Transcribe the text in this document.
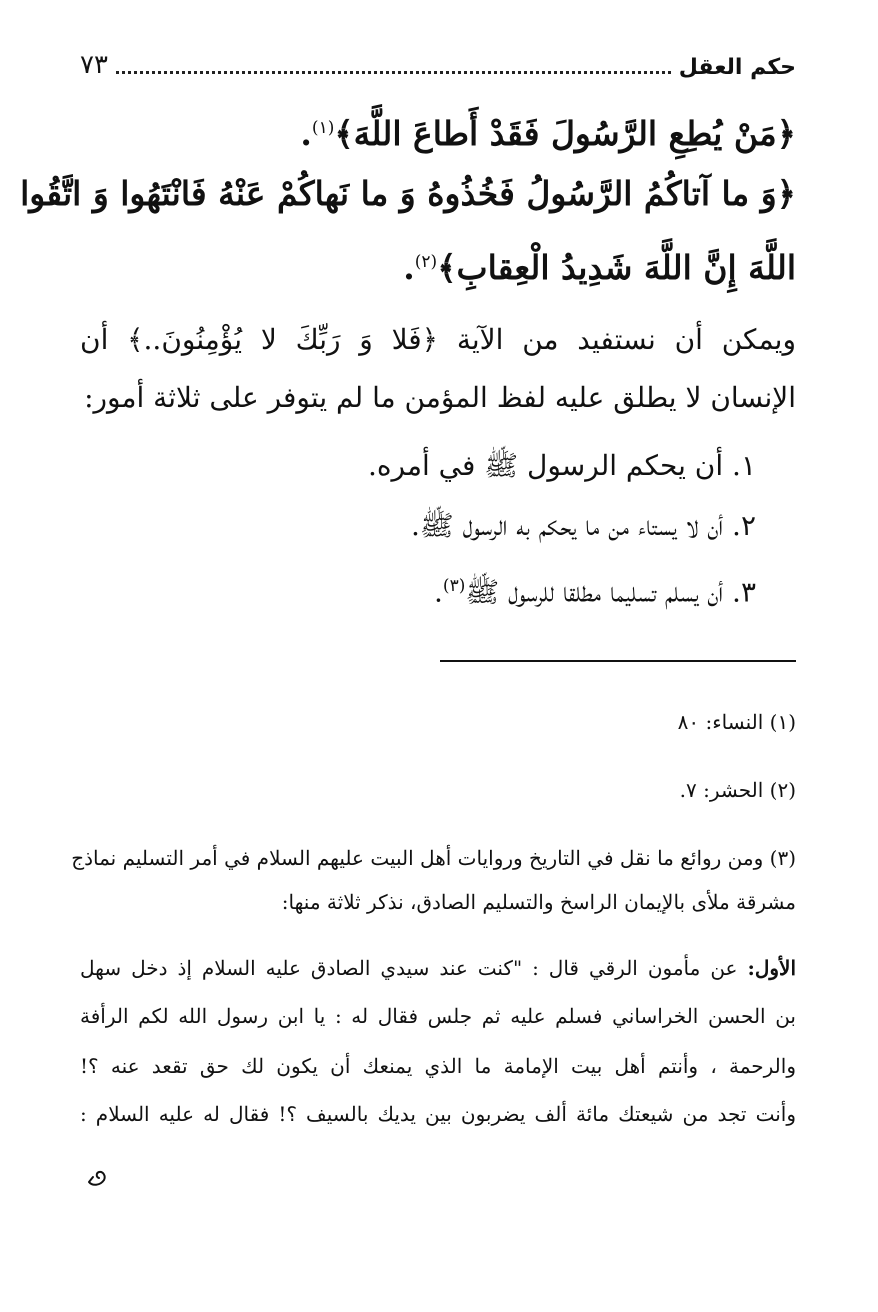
حكم العقل
٧٣
﴿مَنْ يُطِعِ الرَّسُولَ فَقَدْ أَطاعَ اللَّهَ﴾$^{(١)}$.
﴿وَ ما آتاكُمُ الرَّسُولُ فَخُذُوهُ وَ ما نَهاكُمْ عَنْهُ فَانْتَهُوا وَ اتَّقُوا
اللَّهَ إِنَّ اللَّهَ شَدِيدُ الْعِقابِ﴾$^{(٢)}$.
ويمكن أن نستفيد من الآية ﴿فَلا وَ رَبِّكَ لا يُؤْمِنُونَ..﴾ أن
الإنسان لا يطلق عليه لفظ المؤمن ما لم يتوفر على ثلاثة أمور:
١. أن يحكم الرسول ﷺ في أمره.
٢. أن لا يستاء من ما يحكم به الرسول ﷺ.
٣. أن يسلم تسليما مطلقا للرسول ﷺ$^{(٣)}$.
(١) النساء: ٨٠
(٢) الحشر: ٧.
(٣) ومن روائع ما نقل في التاريخ وروايات أهل البيت عليهم السلام في أمر التسليم نماذج
مشرقة ملأى بالإيمان الراسخ والتسليم الصادق، نذكر ثلاثة منها:
الأول: عن مأمون الرقي قال : "كنت عند سيدي الصادق عليه السلام إذ دخل سهل
بن الحسن الخراساني فسلم عليه ثم جلس فقال له : يا ابن رسول الله لكم الرأفة
والرحمة ، وأنتم أهل بيت الإمامة ما الذي يمنعك أن يكون لك حق تقعد عنه ؟!
وأنت تجد من شيعتك مائة ألف يضربون بين يديك بالسيف ؟! فقال له عليه السلام :
